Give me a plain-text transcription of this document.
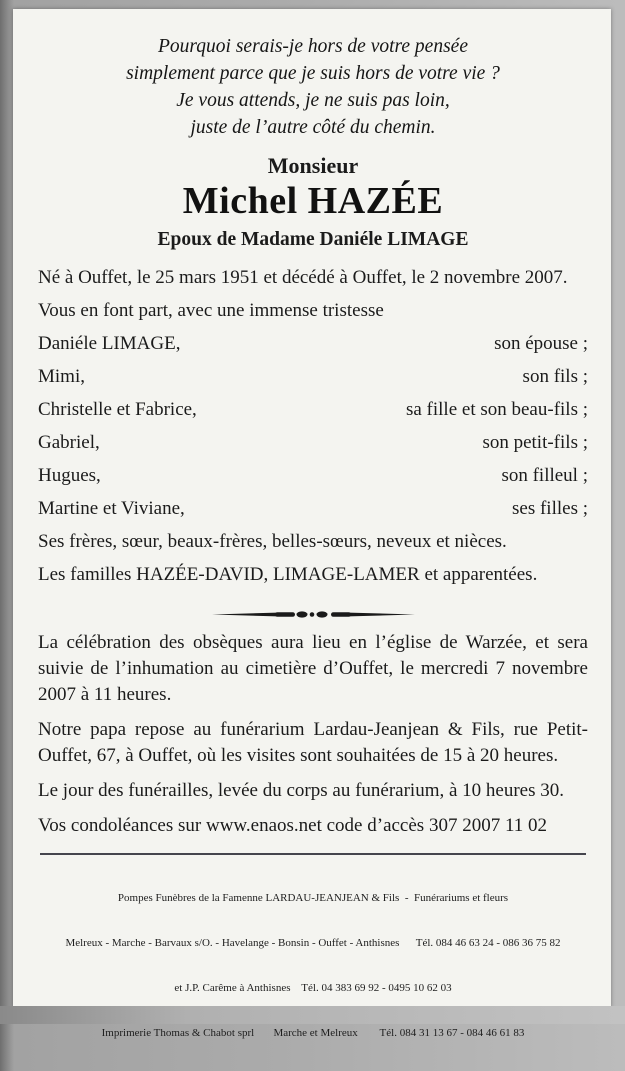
Pourquoi serais-je hors de votre pensée
simplement parce que je suis hors de votre vie ?
Je vous attends, je ne suis pas loin,
juste de l’autre côté du chemin.
Monsieur
Michel HAZÉE
Epoux de Madame Daniéle LIMAGE
Né à Ouffet, le 25 mars 1951 et décédé à Ouffet, le 2 novembre 2007.
Vous en font part, avec une immense tristesse
Daniéle LIMAGE,	son épouse ;
Mimi,	son fils ;
Christelle et Fabrice,	sa fille et son beau-fils ;
Gabriel,	son petit-fils ;
Hugues,	son filleul ;
Martine et Viviane,	ses filles ;
Ses frères, sœur, beaux-frères, belles-sœurs, neveux et nièces.
Les familles HAZÉE-DAVID, LIMAGE-LAMER et apparentées.
La célébration des obsèques aura lieu en l’église de Warzée, et sera suivie de l’inhumation au cimetière d’Ouffet, le mercredi 7 novembre 2007 à 11 heures.
Notre papa repose au funérarium Lardau-Jeanjean & Fils, rue Petit-Ouffet, 67, à Ouffet, où les visites sont souhaitées de 15 à 20 heures.
Le jour des funérailles, levée du corps au funérarium, à 10 heures 30.
Vos condoléances sur www.enaos.net code d’accès 307 2007 11 02

Pompes Funèbres de la Famenne LARDAU-JEANJEAN & Fils  -  Funérariums et fleurs

Melreux - Marche - Barvaux s/O. - Havelange - Bonsin - Ouffet - Anthisnes      Tél. 084 46 63 24 - 086 36 75 82

et J.P. Carême à Anthisnes    Tél. 04 383 69 92 - 0495 10 62 03

Imprimerie Thomas & Chabot sprl       Marche et Melreux        Tél. 084 31 13 67 - 084 46 61 83
